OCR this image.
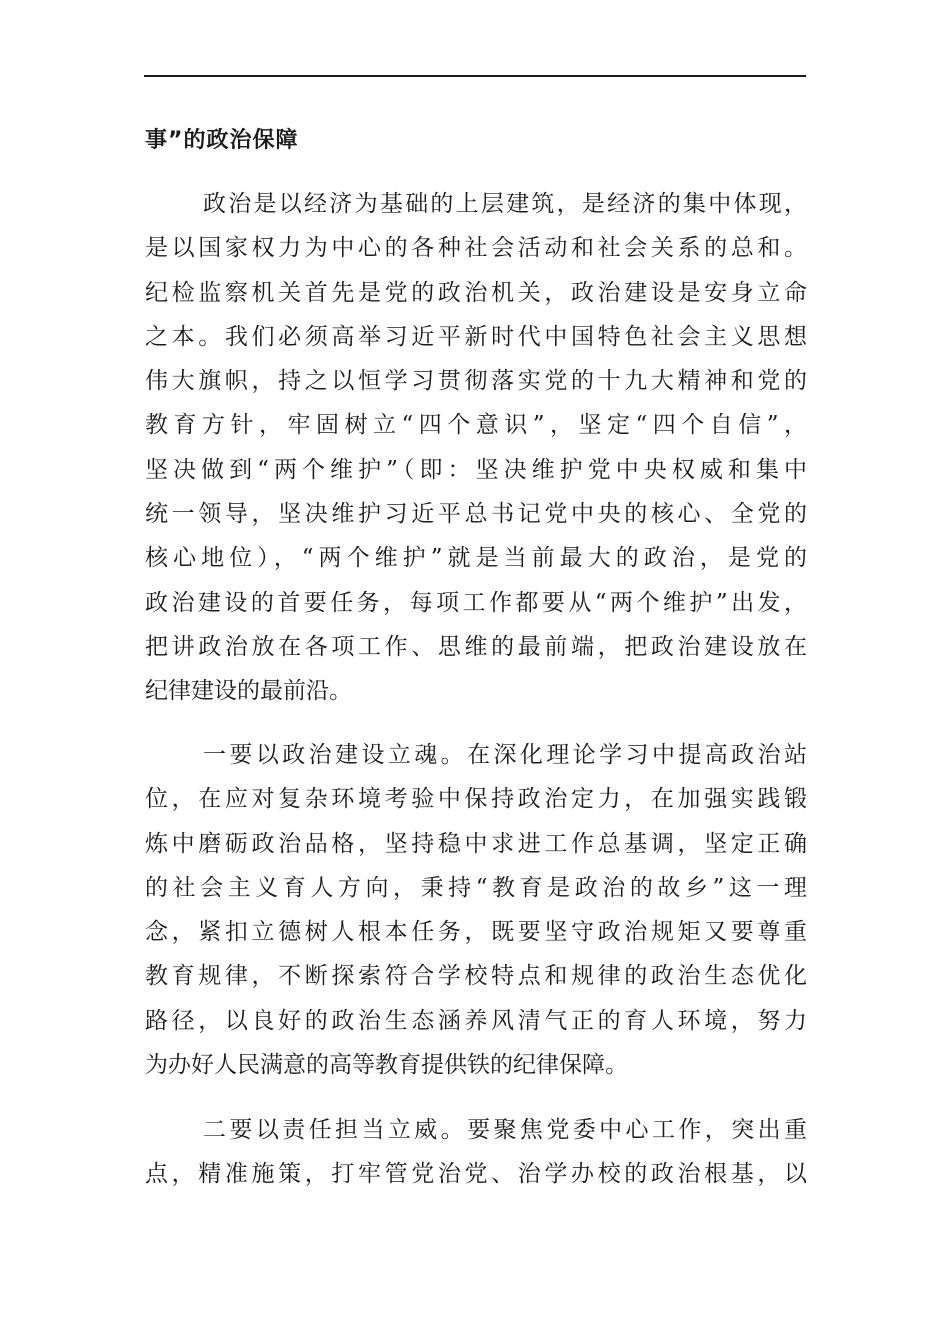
事”的政治保障

政治是以经济为基础的上层建筑，是经济的集中体现，
是以国家权力为中心的各种社会活动和社会关系的总和。
纪检监察机关首先是党的政治机关，政治建设是安身立命
之本。我们必须高举习近平新时代中国特色社会主义思想
伟大旗帜，持之以恒学习贯彻落实党的十九大精神和党的
教育方针，牢固树立“四个意识”，坚定“四个自信”，
坚决做到“两个维护”（即：坚决维护党中央权威和集中
统一领导，坚决维护习近平总书记党中央的核心、全党的
核心地位），“两个维护”就是当前最大的政治，是党的
政治建设的首要任务，每项工作都要从“两个维护”出发，
把讲政治放在各项工作、思维的最前端，把政治建设放在
纪律建设的最前沿。

一要以政治建设立魂。在深化理论学习中提高政治站
位，在应对复杂环境考验中保持政治定力，在加强实践锻
炼中磨砺政治品格，坚持稳中求进工作总基调，坚定正确
的社会主义育人方向，秉持“教育是政治的故乡”这一理
念，紧扣立德树人根本任务，既要坚守政治规矩又要尊重
教育规律，不断探索符合学校特点和规律的政治生态优化
路径，以良好的政治生态涵养风清气正的育人环境，努力
为办好人民满意的高等教育提供铁的纪律保障。

二要以责任担当立威。要聚焦党委中心工作，突出重
点，精准施策，打牢管党治党、治学办校的政治根基，以
